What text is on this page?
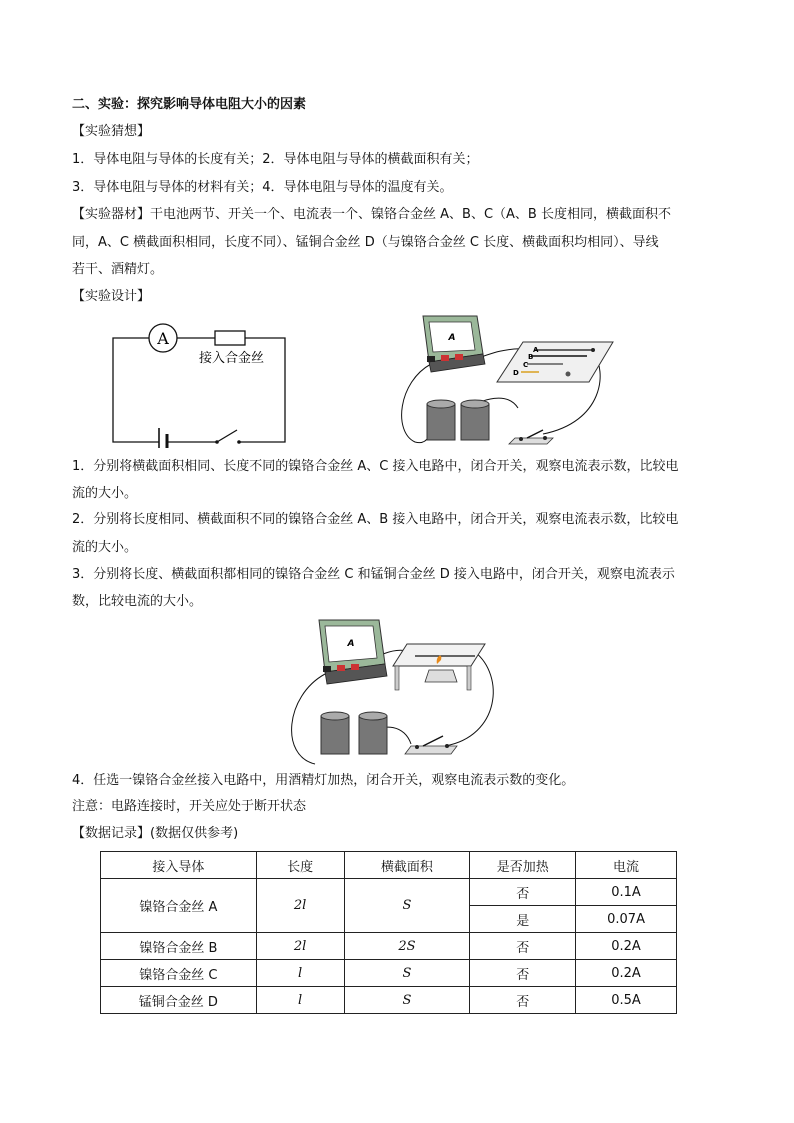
二、实验：探究影响导体电阻大小的因素
【实验猜想】
1．导体电阻与导体的长度有关；2．导体电阻与导体的横截面积有关；
3．导体电阻与导体的材料有关；4．导体电阻与导体的温度有关。
【实验器材】干电池两节、开关一个、电流表一个、镍铬合金丝 A、B、C（A、B 长度相同，横截面积不
同，A、C 横截面积相同，长度不同）、锰铜合金丝 D（与镍铬合金丝 C 长度、横截面积均相同）、导线
若干、酒精灯。
【实验设计】
A
接入合金丝
A
A
B
C
D
1．分别将横截面积相同、长度不同的镍铬合金丝 A、C 接入电路中，闭合开关，观察电流表示数，比较电
流的大小。
2．分别将长度相同、横截面积不同的镍铬合金丝 A、B 接入电路中，闭合开关，观察电流表示数，比较电
流的大小。
3．分别将长度、横截面积都相同的镍铬合金丝 C 和锰铜合金丝 D 接入电路中，闭合开关，观察电流表示
数，比较电流的大小。
A
4．任选一镍铬合金丝接入电路中，用酒精灯加热，闭合开关，观察电流表示数的变化。
注意：电路连接时，开关应处于断开状态
【数据记录】(数据仅供参考)
接入导体	长度	横截面积	是否加热	电流
镍铬合金丝 A	2l	S	否	0.1A
			是	0.07A
镍铬合金丝 B	2l	2S	否	0.2A
镍铬合金丝 C	l	S	否	0.2A
锰铜合金丝 D	l	S	否	0.5A
